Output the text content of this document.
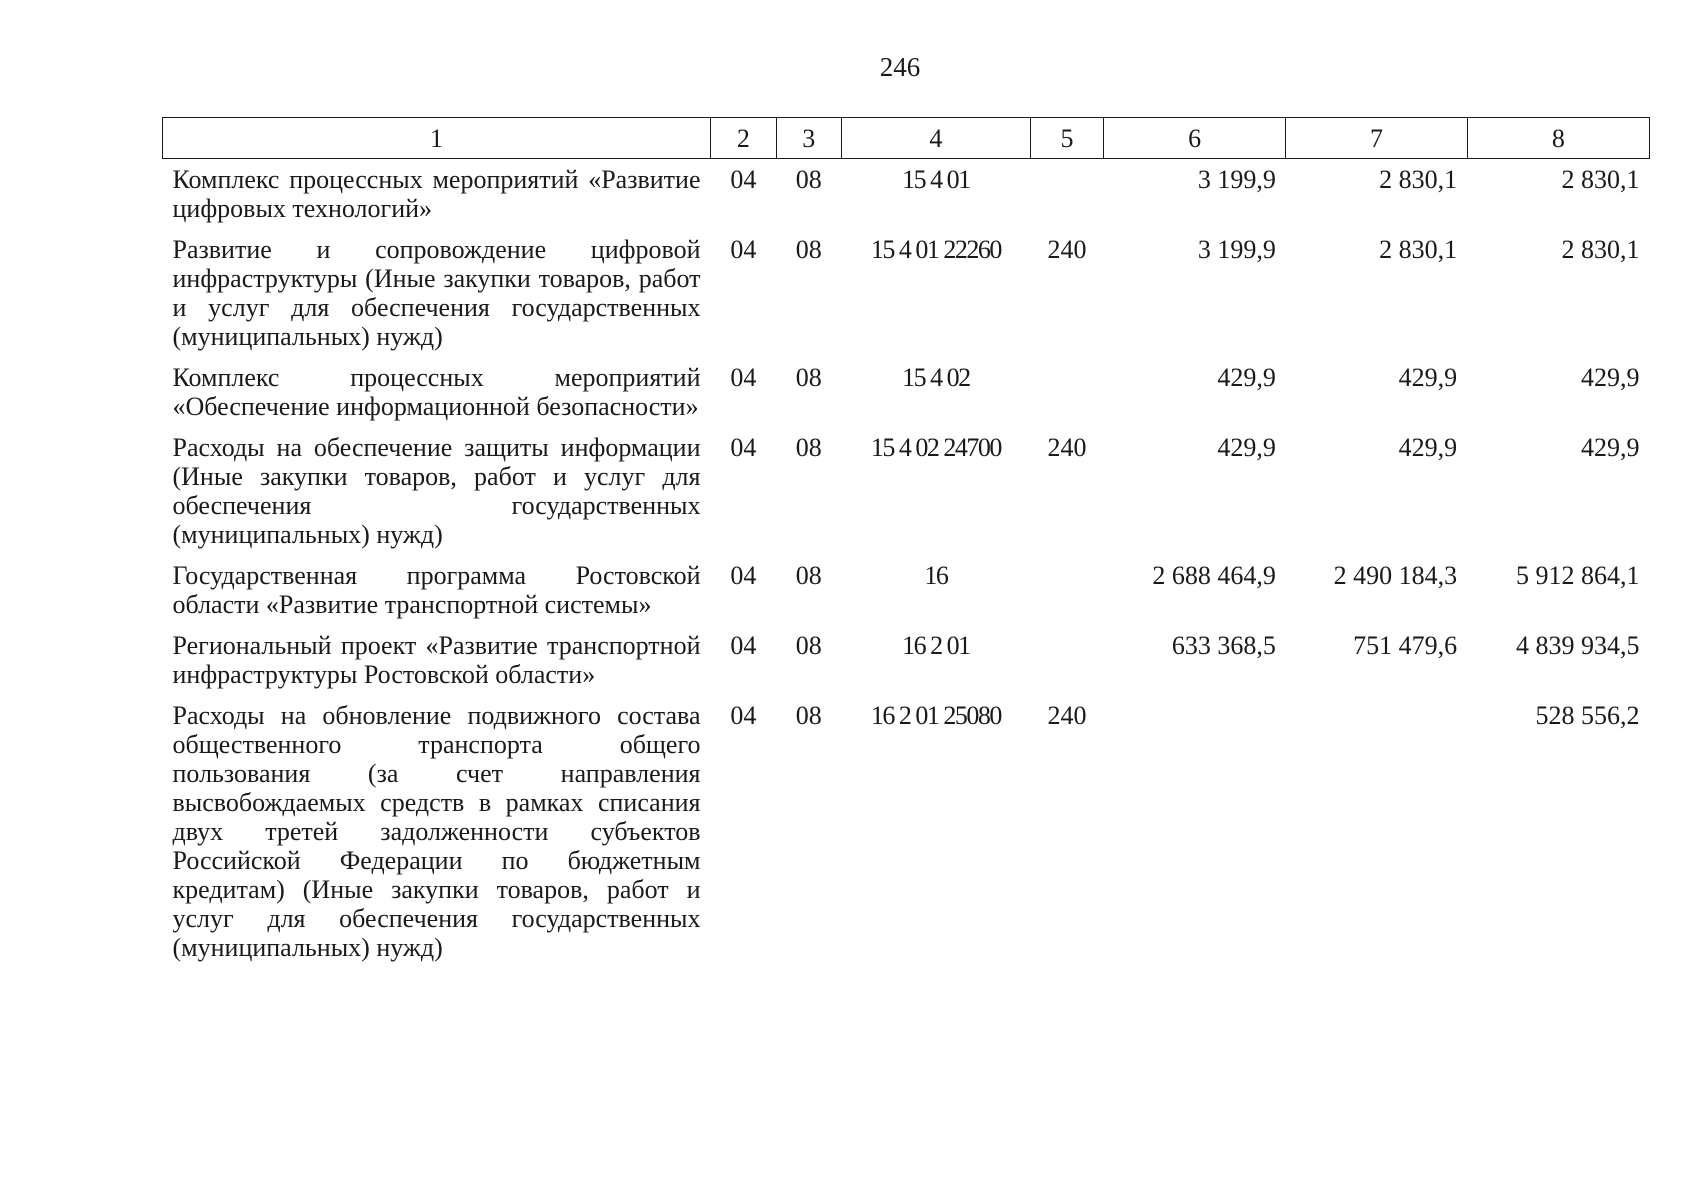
246
1	2	3	4	5	6	7	8
Комплекс процессных мероприятий «Развитие цифровых технологий»	04	08	15 4 01		3 199,9	2 830,1	2 830,1
Развитие и сопровождение цифровой инфраструктуры (Иные закупки товаров, работ и услуг для обеспечения государственных (муниципальных) нужд)	04	08	15 4 01 22260	240	3 199,9	2 830,1	2 830,1
Комплекс процессных мероприятий «Обеспечение информационной безопасности»	04	08	15 4 02		429,9	429,9	429,9
Расходы на обеспечение защиты информации (Иные закупки товаров, работ и услуг для обеспечения государственных (муниципальных) нужд)	04	08	15 4 02 24700	240	429,9	429,9	429,9
Государственная программа Ростовской области «Развитие транспортной системы»	04	08	16		2 688 464,9	2 490 184,3	5 912 864,1
Региональный проект «Развитие транспортной инфраструктуры Ростовской области»	04	08	16 2 01		633 368,5	751 479,6	4 839 934,5
Расходы на обновление подвижного состава общественного транспорта общего пользования (за счет направления высвобождаемых средств в рамках списания двух третей задолженности субъектов Российской Федерации по бюджетным кредитам) (Иные закупки товаров, работ и услуг для обеспечения государственных (муниципальных) нужд)	04	08	16 2 01 25080	240			528 556,2
